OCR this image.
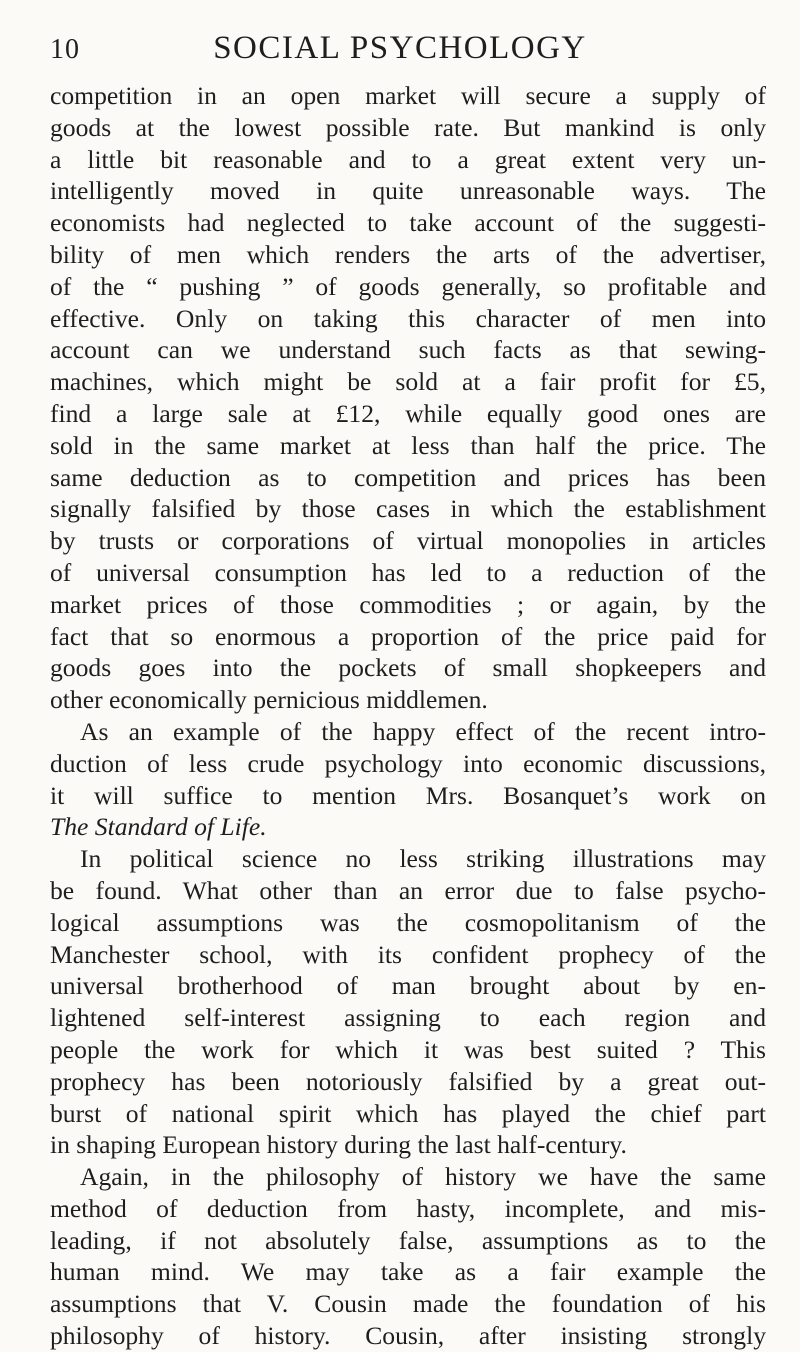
10	SOCIAL PSYCHOLOGY

competition in an open market will secure a supply of
goods at the lowest possible rate. But mankind is only
a little bit reasonable and to a great extent very un-
intelligently moved in quite unreasonable ways. The
economists had neglected to take account of the suggesti-
bility of men which renders the arts of the advertiser,
of the “ pushing ” of goods generally, so profitable and
effective. Only on taking this character of men into
account can we understand such facts as that sewing-
machines, which might be sold at a fair profit for £5,
find a large sale at £12, while equally good ones are
sold in the same market at less than half the price. The
same deduction as to competition and prices has been
signally falsified by those cases in which the establishment
by trusts or corporations of virtual monopolies in articles
of universal consumption has led to a reduction of the
market prices of those commodities ; or again, by the
fact that so enormous a proportion of the price paid for
goods goes into the pockets of small shopkeepers and
other economically pernicious middlemen.

As an example of the happy effect of the recent intro-
duction of less crude psychology into economic discussions,
it will suffice to mention Mrs. Bosanquet’s work on
The Standard of Life.

In political science no less striking illustrations may
be found. What other than an error due to false psycho-
logical assumptions was the cosmopolitanism of the
Manchester school, with its confident prophecy of the
universal brotherhood of man brought about by en-
lightened self-interest assigning to each region and
people the work for which it was best suited ? This
prophecy has been notoriously falsified by a great out-
burst of national spirit which has played the chief part
in shaping European history during the last half-century.

Again, in the philosophy of history we have the same
method of deduction from hasty, incomplete, and mis-
leading, if not absolutely false, assumptions as to the
human mind. We may take as a fair example the
assumptions that V. Cousin made the foundation of his
philosophy of history. Cousin, after insisting strongly
